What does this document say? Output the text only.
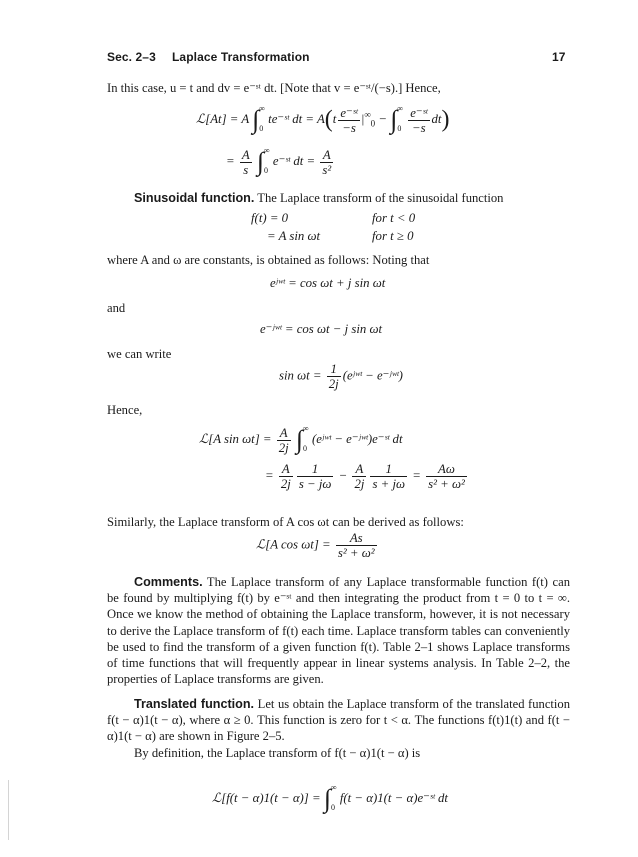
Sec. 2–3 Laplace Transformation	17
In this case, u = t and dv = e⁻ˢᵗ dt. [Note that v = e⁻ˢᵗ/(−s).] Hence,
ℒ[At] = A $\int_0^\infty$ te⁻ˢᵗ dt = $A(t \frac{\text{e⁻ˢᵗ}}{-s} |^\infty_0 - \int_0^\infty \frac{\text{e⁻ˢᵗ}}{-s} dt)$
= $\frac{A}{s} \int_0^\infty$ e⁻ˢᵗ dt = $\frac{A}{\text{s²}}$
Sinusoidal function. The Laplace transform of the sinusoidal function
f(t) = 0	for t < 0
= A sin ωt	for t ≥ 0
where A and ω are constants, is obtained as follows: Noting that
eʲʷᵗ = cos ωt + j sin ωt
and
e⁻ʲʷᵗ = cos ωt − j sin ωt
we can write
$\sin \omega t = \frac{1}{2j}$ (eʲʷᵗ − e⁻ʲʷᵗ)
Hence,
ℒ[A $\sin \omega t] = \frac{A}{2j} \int_0^\infty$ (eʲʷᵗ − e⁻ʲʷᵗ)e⁻ˢᵗ dt
= $\frac{A}{2j} \frac{1}{s - j\omega} - \frac{A}{2j} \frac{1}{s + j\omega} = \frac{A\omega}{\text{s² + ω²}}$
Similarly, the Laplace transform of A cos ωt can be derived as follows:
ℒ[A $\cos \omega t] = \frac{As}{\text{s² + ω²}}$

Comments. The Laplace transform of any Laplace transformable function f(t) can be found by multiplying f(t) by e⁻ˢᵗ and then integrating the product from t = 0 to t = ∞. Once we know the method of obtaining the Laplace transform, however, it is not necessary to derive the Laplace transform of f(t) each time. Laplace transform tables can conveniently be used to find the transform of a given function f(t). Table 2–1 shows Laplace transforms of time functions that will frequently appear in linear systems analysis. In Table 2–2, the properties of Laplace transforms are given.

Translated function. Let us obtain the Laplace transform of the translated function f(t − α)1(t − α), where α ≥ 0. This function is zero for t < α. The functions f(t)1(t) and f(t − α)1(t − α) are shown in Figure 2–5.

By definition, the Laplace transform of f(t − α)1(t − α) is

ℒ[f(t − $\alpha)1(t - \alpha)] = \int_0^\infty$ f(t − α)1(t − α)e⁻ˢᵗ dt
